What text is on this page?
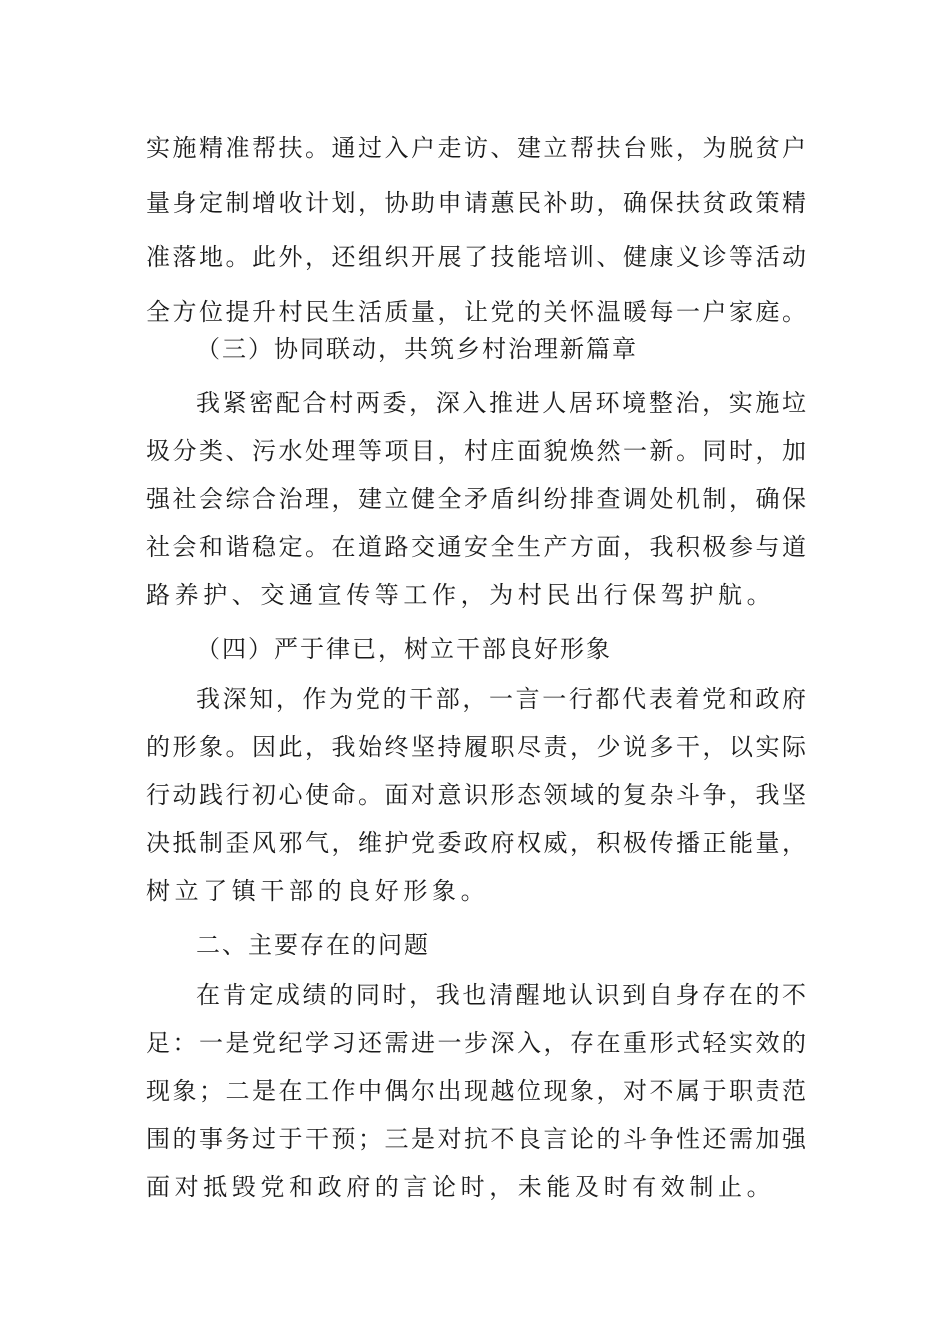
实施精准帮扶。通过入户走访、建立帮扶台账，为脱贫户
量身定制增收计划，协助申请蕙民补助，确保扶贫政策精
准落地。此外，还组织开展了技能培训、健康义诊等活动
全方位提升村民生活质量，让党的关怀温暖每一户家庭。
（三）协同联动，共筑乡村治理新篇章
我紧密配合村两委，深入推进人居环境整治，实施垃
圾分类、污水处理等项目，村庄面貌焕然一新。同时，加
强社会综合治理，建立健全矛盾纠纷排查调处机制，确保
社会和谐稳定。在道路交通安全生产方面，我积极参与道
路养护、交通宣传等工作，为村民出行保驾护航。
（四）严于律已，树立干部良好形象
我深知，作为党的干部，一言一行都代表着党和政府
的形象。因此，我始终坚持履职尽责，少说多干，以实际
行动践行初心使命。面对意识形态领域的复杂斗争，我坚
决抵制歪风邪气，维护党委政府权威，积极传播正能量，
树立了镇干部的良好形象。
二、主要存在的问题
在肯定成绩的同时，我也清醒地认识到自身存在的不
足：一是党纪学习还需进一步深入，存在重形式轻实效的
现象；二是在工作中偶尔出现越位现象，对不属于职责范
围的事务过于干预；三是对抗不良言论的斗争性还需加强
面对抵毁党和政府的言论时，未能及时有效制止。
